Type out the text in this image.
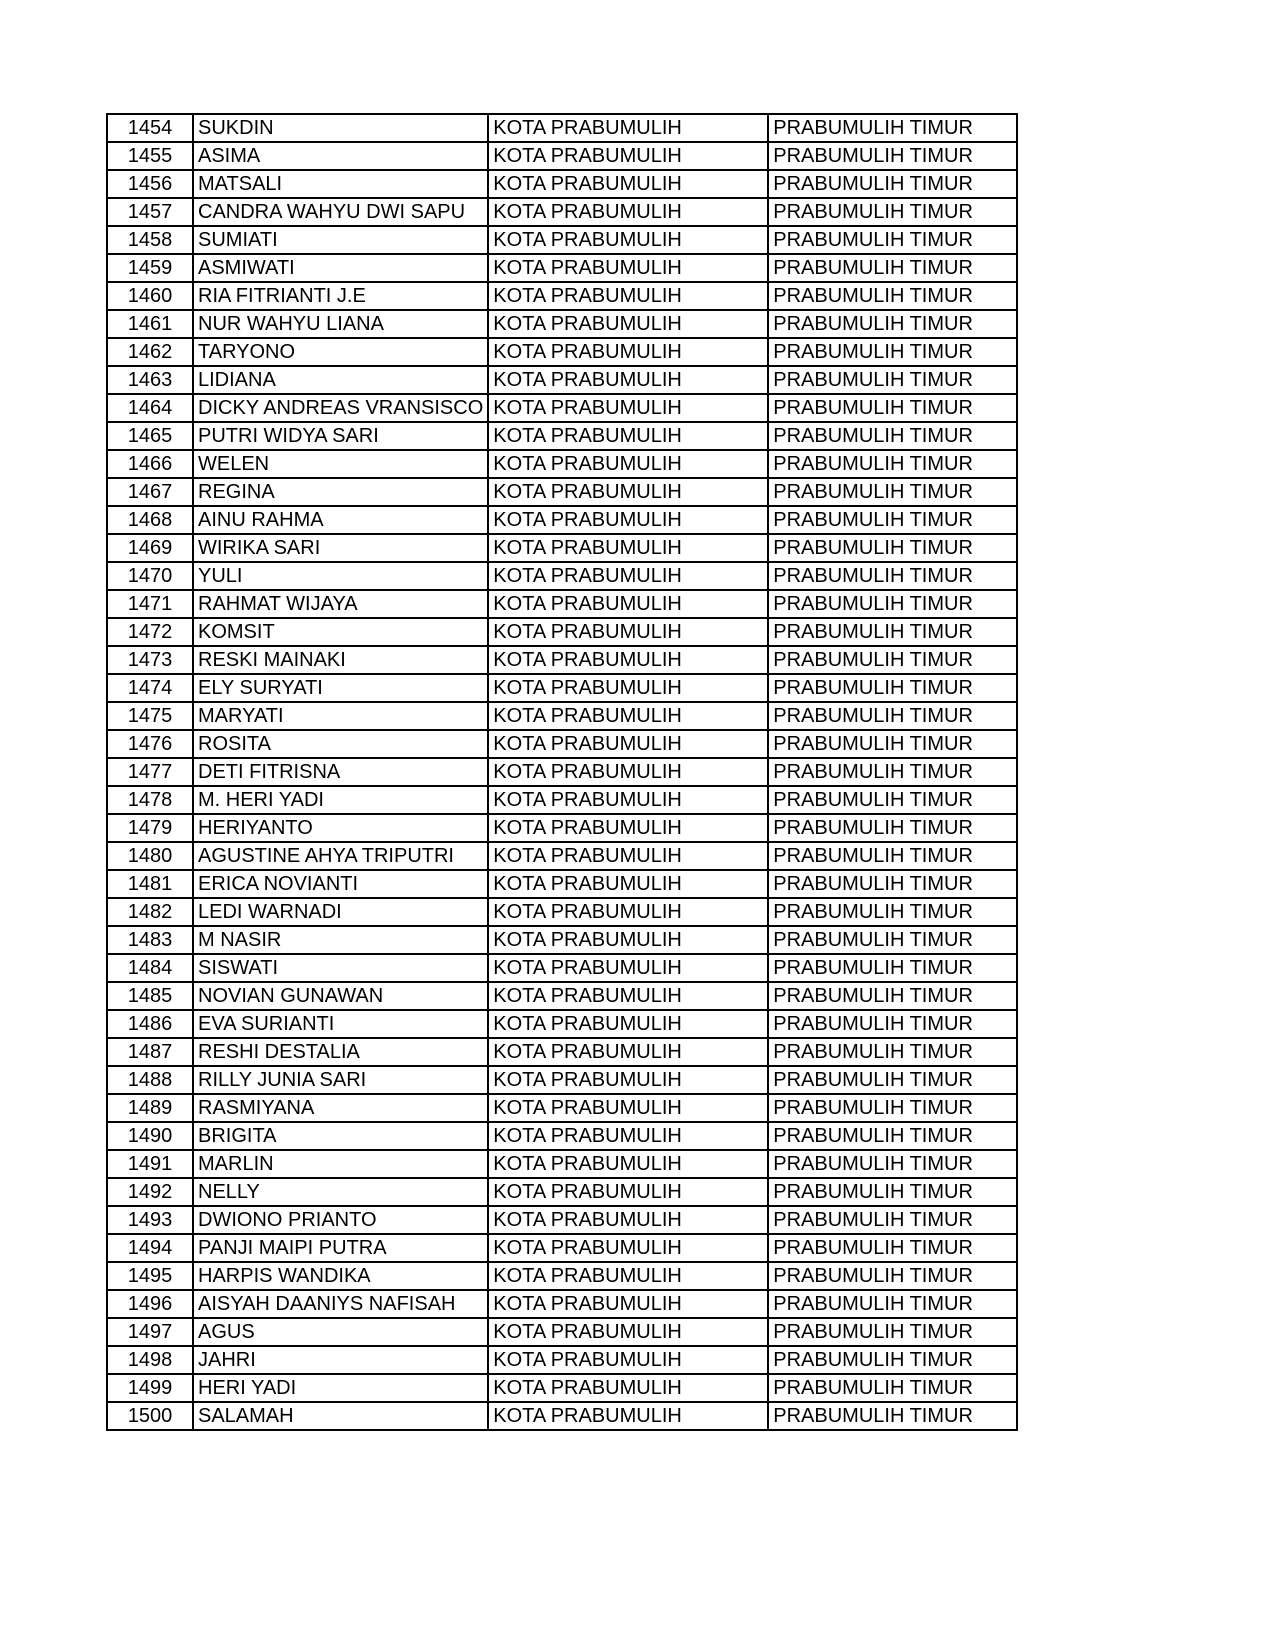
1454	SUKDIN	KOTA PRABUMULIH	PRABUMULIH TIMUR
1455	ASIMA	KOTA PRABUMULIH	PRABUMULIH TIMUR
1456	MATSALI	KOTA PRABUMULIH	PRABUMULIH TIMUR
1457	CANDRA WAHYU DWI SAPU	KOTA PRABUMULIH	PRABUMULIH TIMUR
1458	SUMIATI	KOTA PRABUMULIH	PRABUMULIH TIMUR
1459	ASMIWATI	KOTA PRABUMULIH	PRABUMULIH TIMUR
1460	RIA FITRIANTI J.E	KOTA PRABUMULIH	PRABUMULIH TIMUR
1461	NUR WAHYU LIANA	KOTA PRABUMULIH	PRABUMULIH TIMUR
1462	TARYONO	KOTA PRABUMULIH	PRABUMULIH TIMUR
1463	LIDIANA	KOTA PRABUMULIH	PRABUMULIH TIMUR
1464	DICKY ANDREAS VRANSISCO	KOTA PRABUMULIH	PRABUMULIH TIMUR
1465	PUTRI WIDYA SARI	KOTA PRABUMULIH	PRABUMULIH TIMUR
1466	WELEN	KOTA PRABUMULIH	PRABUMULIH TIMUR
1467	REGINA	KOTA PRABUMULIH	PRABUMULIH TIMUR
1468	AINU RAHMA	KOTA PRABUMULIH	PRABUMULIH TIMUR
1469	WIRIKA SARI	KOTA PRABUMULIH	PRABUMULIH TIMUR
1470	YULI	KOTA PRABUMULIH	PRABUMULIH TIMUR
1471	RAHMAT WIJAYA	KOTA PRABUMULIH	PRABUMULIH TIMUR
1472	KOMSIT	KOTA PRABUMULIH	PRABUMULIH TIMUR
1473	RESKI MAINAKI	KOTA PRABUMULIH	PRABUMULIH TIMUR
1474	ELY SURYATI	KOTA PRABUMULIH	PRABUMULIH TIMUR
1475	MARYATI	KOTA PRABUMULIH	PRABUMULIH TIMUR
1476	ROSITA	KOTA PRABUMULIH	PRABUMULIH TIMUR
1477	DETI FITRISNA	KOTA PRABUMULIH	PRABUMULIH TIMUR
1478	M. HERI YADI	KOTA PRABUMULIH	PRABUMULIH TIMUR
1479	HERIYANTO	KOTA PRABUMULIH	PRABUMULIH TIMUR
1480	AGUSTINE AHYA TRIPUTRI	KOTA PRABUMULIH	PRABUMULIH TIMUR
1481	ERICA NOVIANTI	KOTA PRABUMULIH	PRABUMULIH TIMUR
1482	LEDI WARNADI	KOTA PRABUMULIH	PRABUMULIH TIMUR
1483	M NASIR	KOTA PRABUMULIH	PRABUMULIH TIMUR
1484	SISWATI	KOTA PRABUMULIH	PRABUMULIH TIMUR
1485	NOVIAN GUNAWAN	KOTA PRABUMULIH	PRABUMULIH TIMUR
1486	EVA SURIANTI	KOTA PRABUMULIH	PRABUMULIH TIMUR
1487	RESHI DESTALIA	KOTA PRABUMULIH	PRABUMULIH TIMUR
1488	RILLY JUNIA SARI	KOTA PRABUMULIH	PRABUMULIH TIMUR
1489	RASMIYANA	KOTA PRABUMULIH	PRABUMULIH TIMUR
1490	BRIGITA	KOTA PRABUMULIH	PRABUMULIH TIMUR
1491	MARLIN	KOTA PRABUMULIH	PRABUMULIH TIMUR
1492	NELLY	KOTA PRABUMULIH	PRABUMULIH TIMUR
1493	DWIONO PRIANTO	KOTA PRABUMULIH	PRABUMULIH TIMUR
1494	PANJI MAIPI PUTRA	KOTA PRABUMULIH	PRABUMULIH TIMUR
1495	HARPIS WANDIKA	KOTA PRABUMULIH	PRABUMULIH TIMUR
1496	AISYAH DAANIYS NAFISAH	KOTA PRABUMULIH	PRABUMULIH TIMUR
1497	AGUS	KOTA PRABUMULIH	PRABUMULIH TIMUR
1498	JAHRI	KOTA PRABUMULIH	PRABUMULIH TIMUR
1499	HERI YADI	KOTA PRABUMULIH	PRABUMULIH TIMUR
1500	SALAMAH	KOTA PRABUMULIH	PRABUMULIH TIMUR
